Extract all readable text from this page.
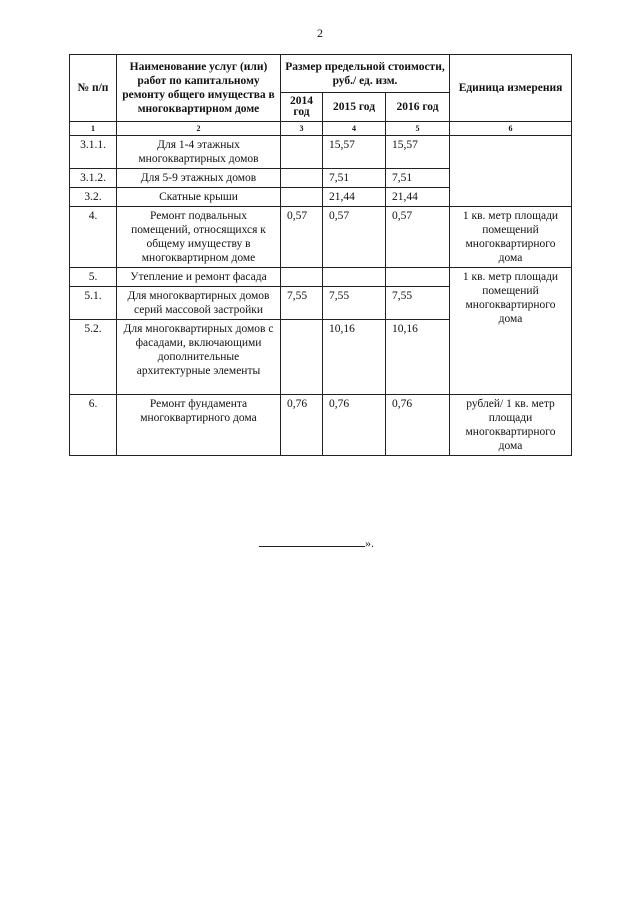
2
№ п/п	Наименование услуг (или) работ по капитальному ремонту общего имущества в многоквартирном доме	Размер предельной стоимости, руб./ ед. изм.			Единица измерения
		2014 год	2015 год	2016 год	
1	2	3	4	5	6
3.1.1.	Для 1-4 этажных многоквартирных домов		15,57	15,57	
3.1.2.	Для 5-9 этажных домов		7,51	7,51	
3.2.	Скатные крыши		21,44	21,44	
4.	Ремонт подвальных помещений, относящихся к общему имуществу в многоквартирном доме	0,57	0,57	0,57	1 кв. метр площади помещений многоквартирного дома
5.	Утепление и ремонт фасада				1 кв. метр площади помещений многоквартирного дома
5.1.	Для многоквартирных домов серий массовой застройки	7,55	7,55	7,55	
5.2.	Для многоквартирных домов с фасадами, включающими дополнительные архитектурные элементы		10,16	10,16	
6.	Ремонт фундамента многоквартирного дома	0,76	0,76	0,76	рублей/ 1 кв. метр площади многоквартирного дома
».
